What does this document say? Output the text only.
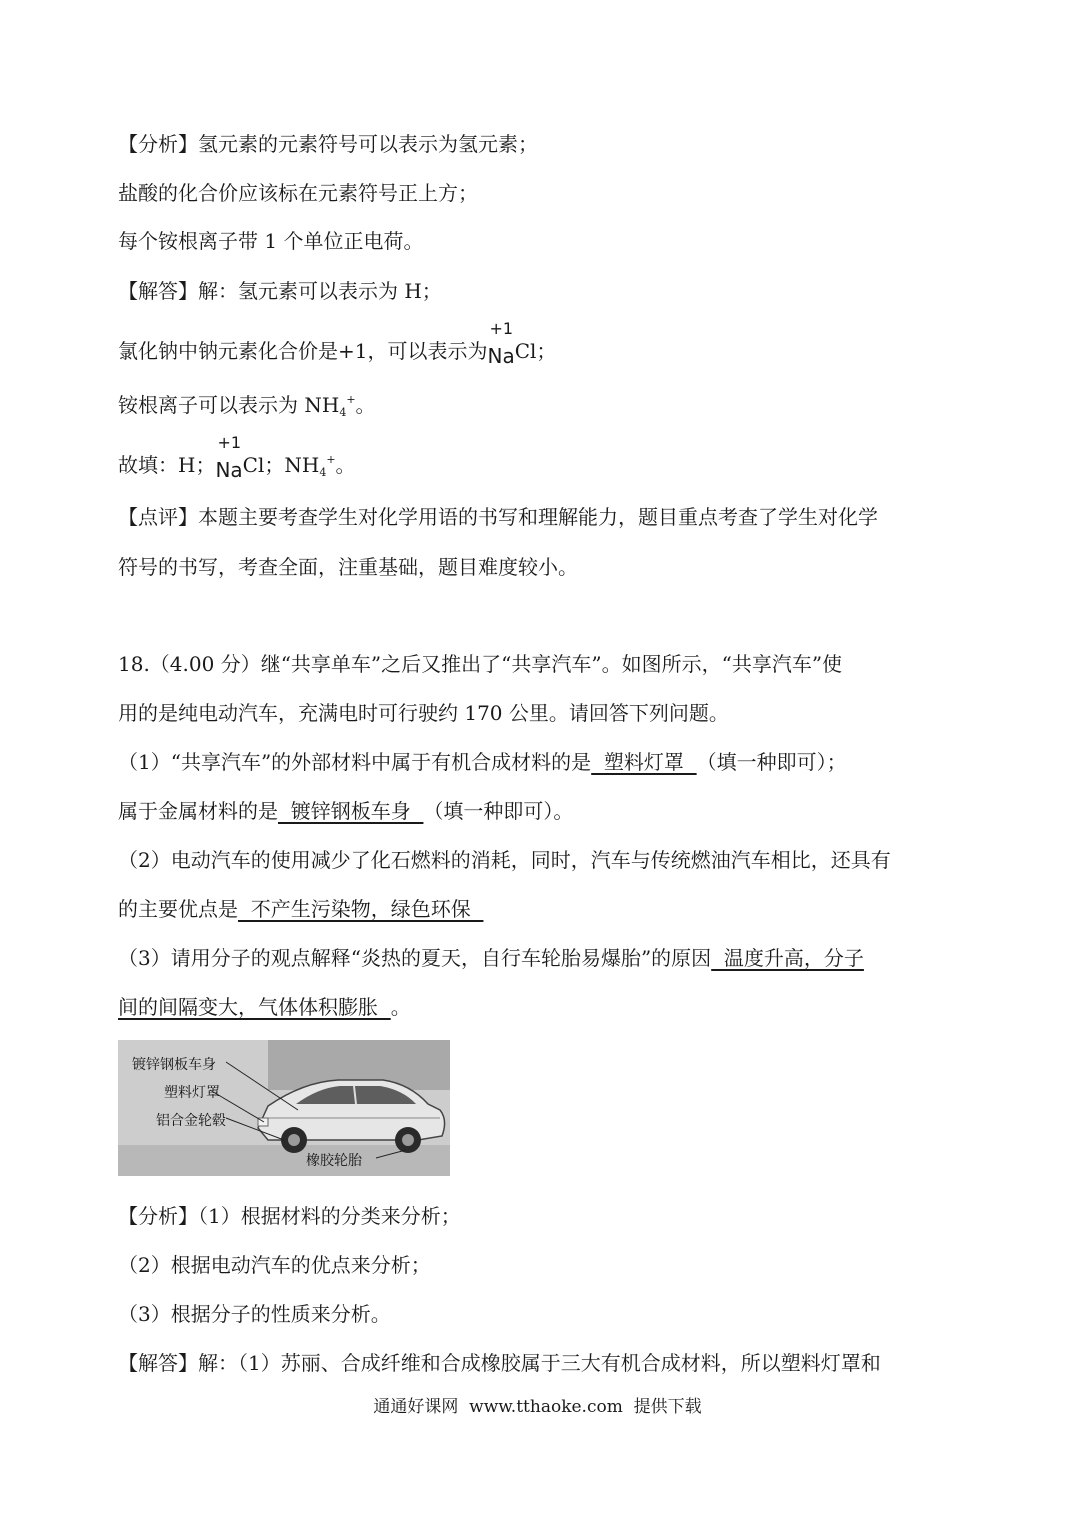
【分析】氢元素的元素符号可以表示为氢元素；
盐酸的化合价应该标在元素符号正上方；
每个铵根离子带 1 个单位正电荷。
【解答】解：氢元素可以表示为 H；
氯化钠中钠元素化合价是+1，可以表示为
+1
NaCl；
铵根离子可以表示为 $NH_4^+$。
故填：H；
+1
NaCl；$NH_4^+$。
【点评】本题主要考查学生对化学用语的书写和理解能力，题目重点考查了学生对化学
符号的书写，考查全面，注重基础，题目难度较小。
18.（4.00 分）继“共享单车”之后又推出了“共享汽车”。如图所示，“共享汽车”使
用的是纯电动汽车，充满电时可行驶约 170 公里。请回答下列问题。
（1）“共享汽车”的外部材料中属于有机合成材料的是  塑料灯罩  （填一种即可）；
属于金属材料的是  镀锌钢板车身  （填一种即可）。
（2）电动汽车的使用减少了化石燃料的消耗，同时，汽车与传统燃油汽车相比，还具有
的主要优点是  不产生污染物，绿色环保
（3）请用分子的观点解释“炎热的夏天，自行车轮胎易爆胎”的原因  温度升高，分子
间的间隔变大，气体体积膨胀  。
镀锌钢板车身
塑料灯罩
铝合金轮毂
橡胶轮胎
【分析】（1）根据材料的分类来分析；
（2）根据电动汽车的优点来分析；
（3）根据分子的性质来分析。
【解答】解：（1）苏丽、合成纤维和合成橡胶属于三大有机合成材料，所以塑料灯罩和
通通好课网  www.tthaoke.com  提供下载
